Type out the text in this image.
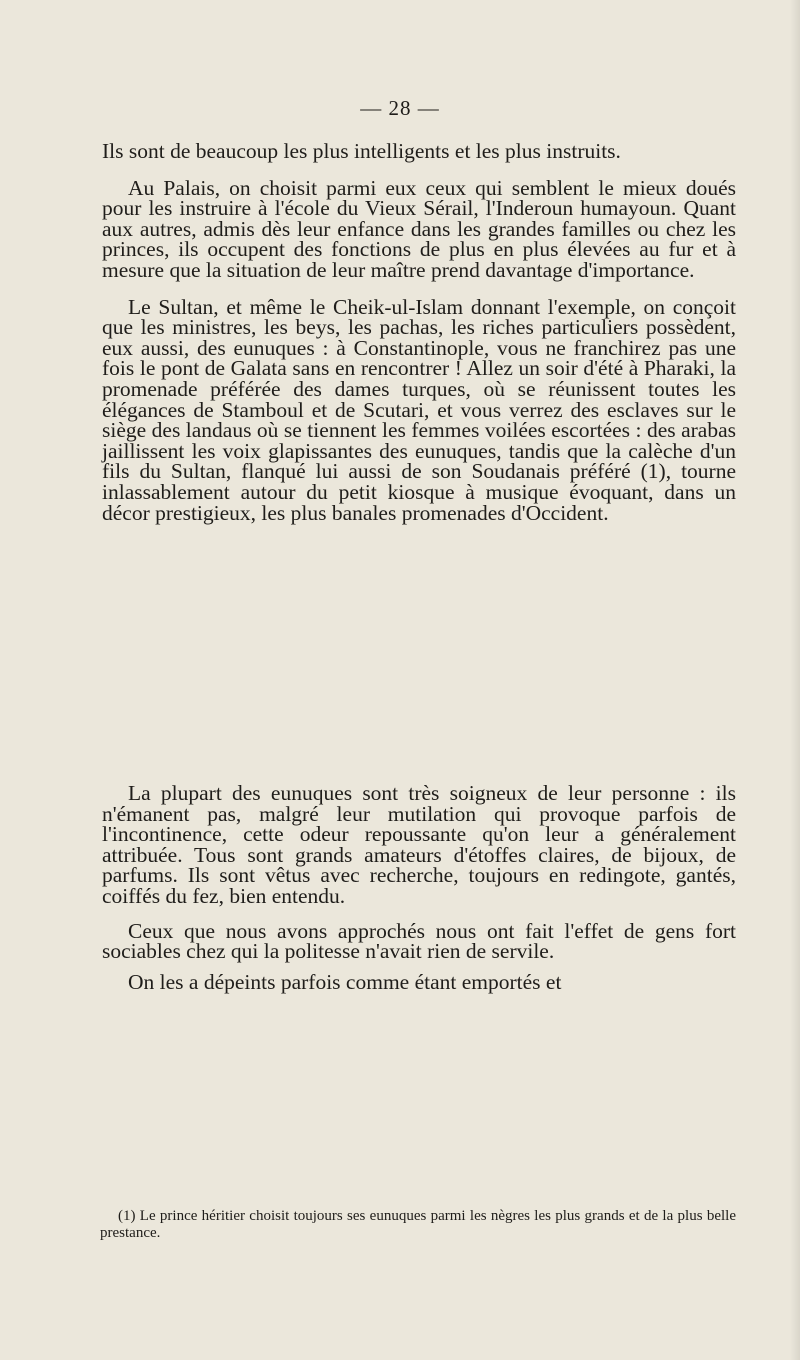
— 28 —

Ils sont de beaucoup les plus intelligents et les plus instruits.

Au Palais, on choisit parmi eux ceux qui semblent le mieux doués pour les instruire à l'école du Vieux Sérail, l'Inderoun humayoun. Quant aux autres, admis dès leur enfance dans les grandes familles ou chez les princes, ils occupent des fonctions de plus en plus élevées au fur et à mesure que la situation de leur maître prend davantage d'importance.

Le Sultan, et même le Cheik-ul-Islam donnant l'exemple, on conçoit que les ministres, les beys, les pachas, les riches particuliers possèdent, eux aussi, des eunuques : à Constantinople, vous ne franchirez pas une fois le pont de Galata sans en rencontrer ! Allez un soir d'été à Pharaki, la promenade préférée des dames turques, où se réunissent toutes les élégances de Stamboul et de Scutari, et vous verrez des esclaves sur le siège des landaus où se tiennent les femmes voilées escortées : des arabas jaillissent les voix glapissantes des eunuques, tandis que la calèche d'un fils du Sultan, flanqué lui aussi de son Soudanais préféré (1), tourne inlassablement autour du petit kiosque à musique évoquant, dans un décor prestigieux, les plus banales promenades d'Occident.

La plupart des eunuques sont très soigneux de leur personne : ils n'émanent pas, malgré leur mutilation qui provoque parfois de l'incontinence, cette odeur repoussante qu'on leur a généralement attribuée. Tous sont grands amateurs d'étoffes claires, de bijoux, de parfums. Ils sont vêtus avec recherche, toujours en redingote, gantés, coiffés du fez, bien entendu.

Ceux que nous avons approchés nous ont fait l'effet de gens fort sociables chez qui la politesse n'avait rien de servile.

On les a dépeints parfois comme étant emportés et

(1) Le prince héritier choisit toujours ses eunuques parmi les nègres les plus grands et de la plus belle prestance.
